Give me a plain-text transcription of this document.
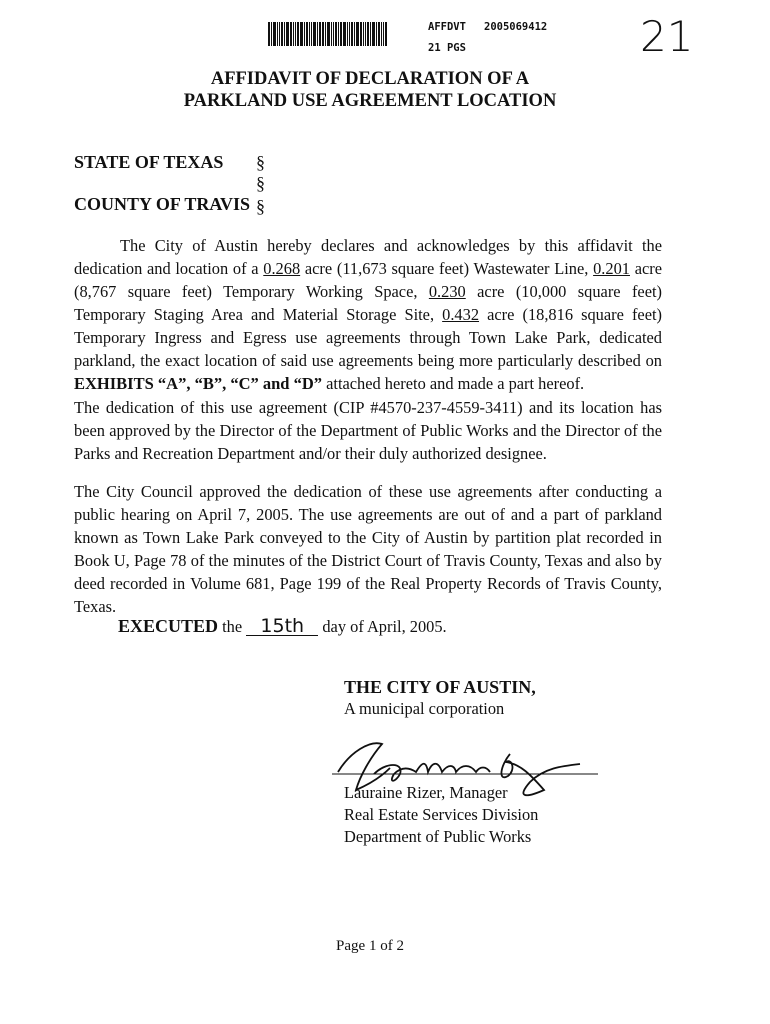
AFFDVT 2005069412
21 PGS	21
AFFIDAVIT OF DECLARATION OF A
PARKLAND USE AGREEMENT LOCATION
STATE OF TEXAS §
§
COUNTY OF TRAVIS §

The City of Austin hereby declares and acknowledges by this affidavit the dedication and location of a 0.268 acre (11,673 square feet) Wastewater Line, 0.201 acre (8,767 square feet) Temporary Working Space, 0.230 acre (10,000 square feet) Temporary Staging Area and Material Storage Site, 0.432 acre (18,816 square feet) Temporary Ingress and Egress use agreements through Town Lake Park, dedicated parkland, the exact location of said use agreements being more particularly described on EXHIBITS “A”, “B”, “C” and “D” attached hereto and made a part hereof.

The dedication of this use agreement (CIP #4570-237-4559-3411) and its location has been approved by the Director of the Department of Public Works and the Director of the Parks and Recreation Department and/or their duly authorized designee.

The City Council approved the dedication of these use agreements after conducting a public hearing on April 7, 2005. The use agreements are out of and a part of parkland known as Town Lake Park conveyed to the City of Austin by partition plat recorded in Book U, Page 78 of the minutes of the District Court of Travis County, Texas and also by deed recorded in Volume 681, Page 199 of the Real Property Records of Travis County, Texas.

EXECUTED the 15th day of April, 2005.
THE CITY OF AUSTIN,
A municipal corporation
Lauraine Rizer
Lauraine Rizer, Manager
Real Estate Services Division
Department of Public Works
Page 1 of 2
